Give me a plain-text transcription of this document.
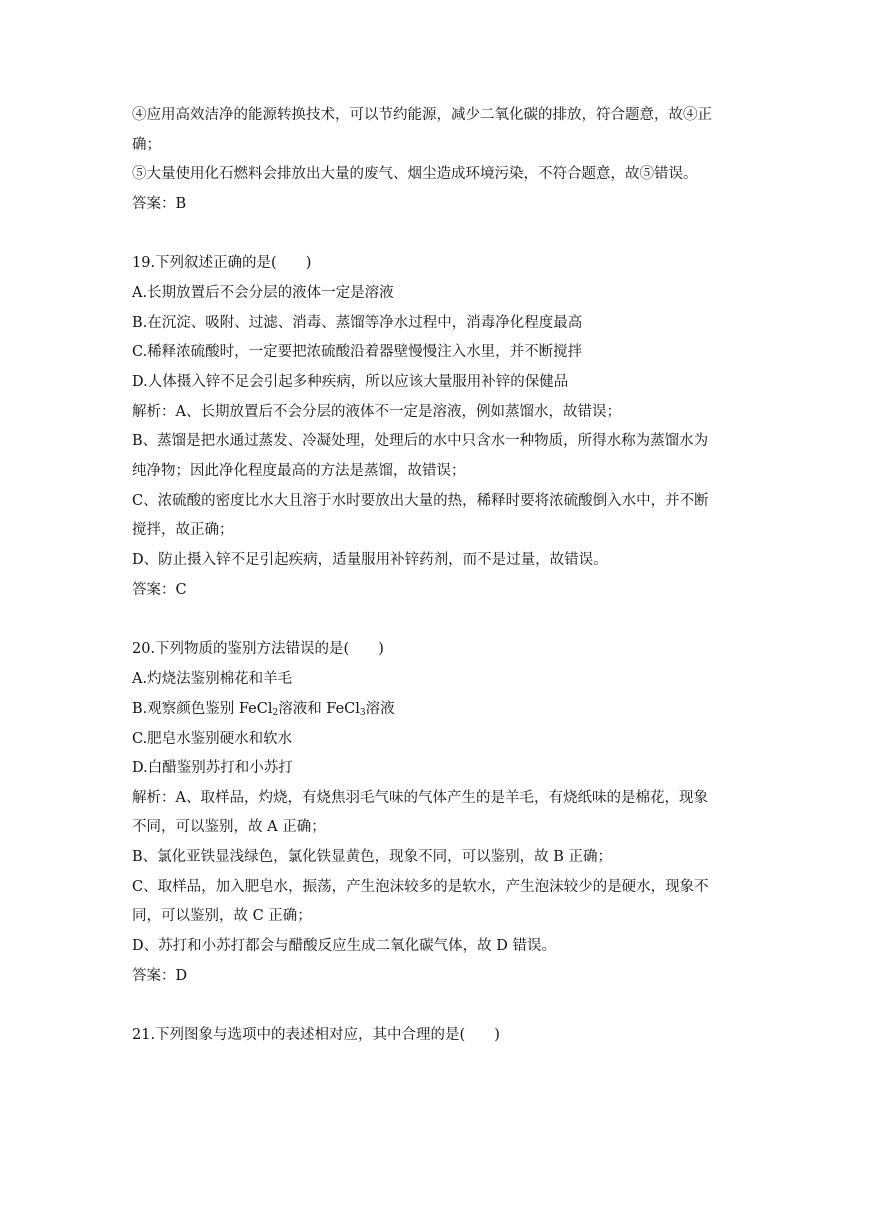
④应用高效洁净的能源转换技术，可以节约能源，减少二氧化碳的排放，符合题意，故④正
确；
⑤大量使用化石燃料会排放出大量的废气、烟尘造成环境污染，不符合题意，故⑤错误。
答案：B
19.下列叙述正确的是(　　)
A.长期放置后不会分层的液体一定是溶液
B.在沉淀、吸附、过滤、消毒、蒸馏等净水过程中，消毒净化程度最高
C.稀释浓硫酸时，一定要把浓硫酸沿着器壁慢慢注入水里，并不断搅拌
D.人体摄入锌不足会引起多种疾病，所以应该大量服用补锌的保健品
解析：A、长期放置后不会分层的液体不一定是溶液，例如蒸馏水，故错误；
B、蒸馏是把水通过蒸发、冷凝处理，处理后的水中只含水一种物质，所得水称为蒸馏水为
纯净物；因此净化程度最高的方法是蒸馏，故错误；
C、浓硫酸的密度比水大且溶于水时要放出大量的热，稀释时要将浓硫酸倒入水中，并不断
搅拌，故正确；
D、防止摄入锌不足引起疾病，适量服用补锌药剂，而不是过量，故错误。
答案：C
20.下列物质的鉴别方法错误的是(　　)
A.灼烧法鉴别棉花和羊毛
B.观察颜色鉴别 FeCl$_2$溶液和 FeCl$_3$溶液
C.肥皂水鉴别硬水和软水
D.白醋鉴别苏打和小苏打
解析：A、取样品，灼烧，有烧焦羽毛气味的气体产生的是羊毛，有烧纸味的是棉花，现象
不同，可以鉴别，故 A 正确；
B、氯化亚铁显浅绿色，氯化铁显黄色，现象不同，可以鉴别，故 B 正确；
C、取样品，加入肥皂水，振荡，产生泡沫较多的是软水，产生泡沫较少的是硬水，现象不
同，可以鉴别，故 C 正确；
D、苏打和小苏打都会与醋酸反应生成二氧化碳气体，故 D 错误。
答案：D
21.下列图象与选项中的表述相对应，其中合理的是(　　)
